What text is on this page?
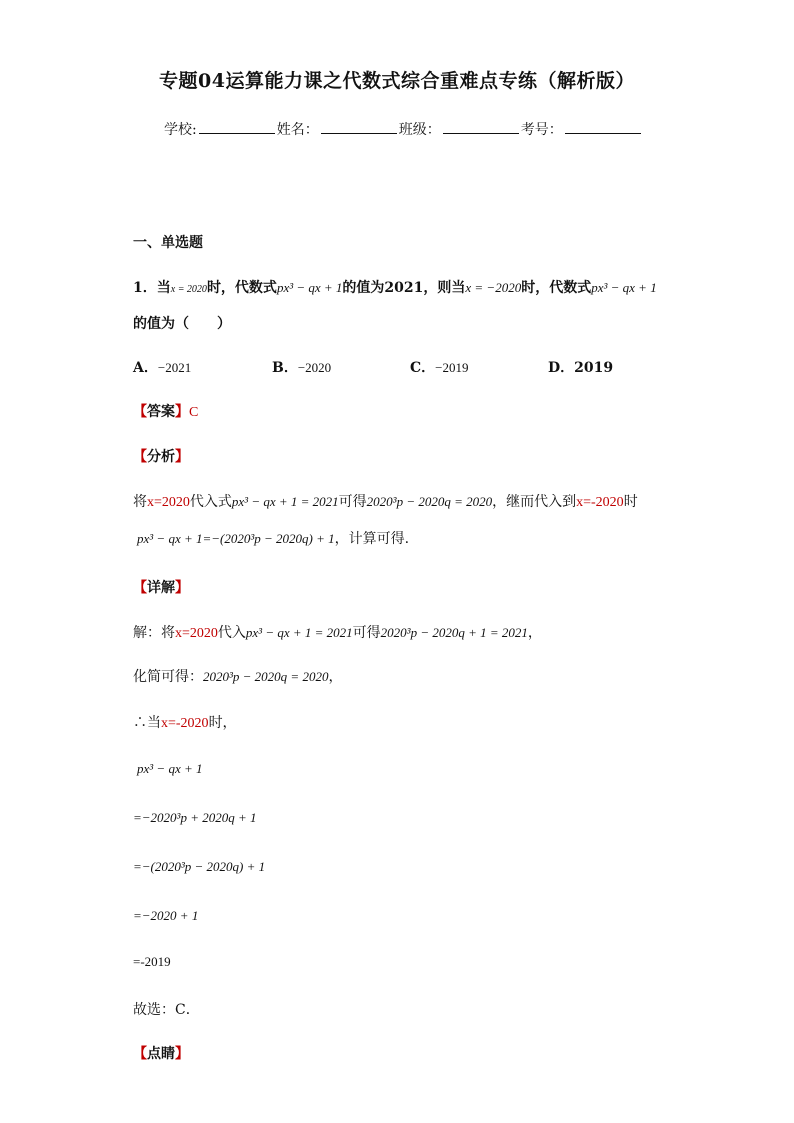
专题04运算能力课之代数式综合重难点专练（解析版）
学校:	姓名：	班级：	考号：
一、单选题
1．当x = 2020时，代数式px³ − qx + 1的值为2021，则当x = −2020时，代数式px³ − qx + 1
的值为（　　）
A．−2021	B．−2020	C．−2019	D．2019
【答案】C
【分析】
将x=2020代入式px³ − qx + 1 = 2021可得2020³p − 2020q = 2020，继而代入到x=-2020时
px³ − qx + 1=−(2020³p − 2020q) + 1，计算可得.
【详解】
解：将x=2020代入px³ − qx + 1 = 2021可得2020³p − 2020q + 1 = 2021，
化简可得：2020³p − 2020q = 2020，
∴当x=-2020时，
px³ − qx + 1
=−2020³p + 2020q + 1
=−(2020³p − 2020q) + 1
=−2020 + 1
=-2019
故选：C．
【点睛】
